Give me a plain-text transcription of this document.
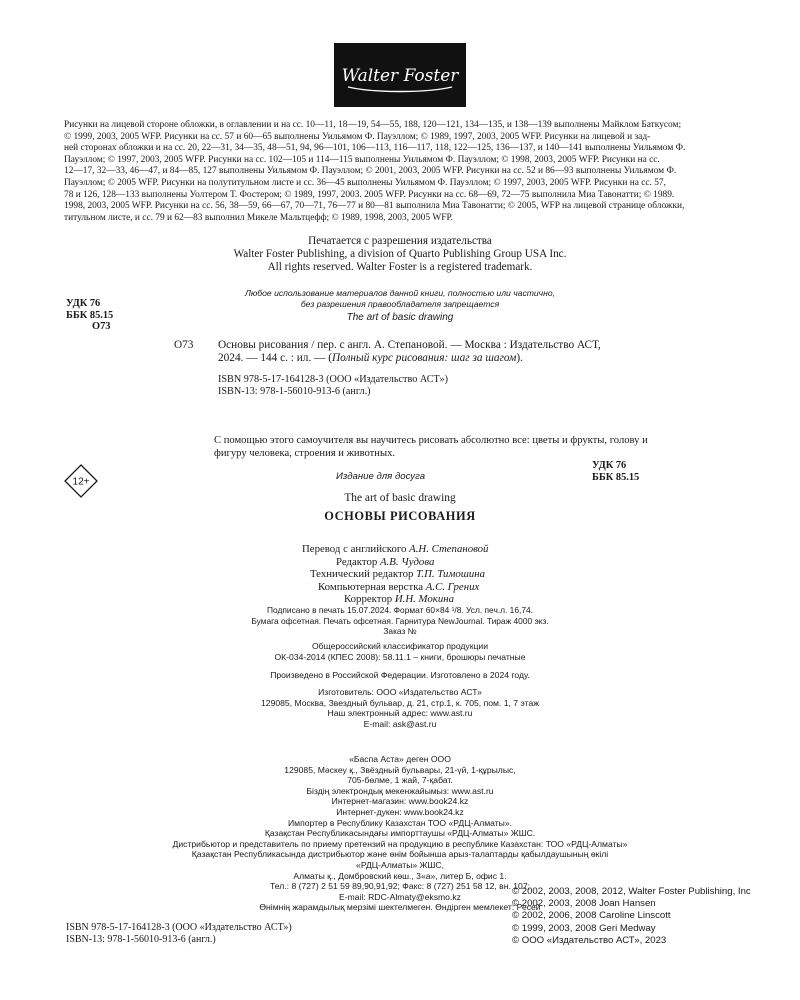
Walter Foster
Рисунки на лицевой стороне обложки, в оглавлении и на сс. 10—11, 18—19, 54—55, 188, 120—121, 134—135, и 138—139 выполнены Майклом Баткусом;
© 1999, 2003, 2005 WFP. Рисунки на сс. 57 и 60—65 выполнены Уильямом Ф. Пауэллом; © 1989, 1997, 2003, 2005 WFP. Рисунки на лицевой и зад-
ней сторонах обложки и на сс. 20, 22—31, 34—35, 48—51, 94, 96—101, 106—113, 116—117, 118, 122—125, 136—137, и 140—141 выполнены Уильямом Ф.
Пауэллом; © 1997, 2003, 2005 WFP. Рисунки на сс. 102—105 и 114—115 выполнены Уильямом Ф. Пауэллом; © 1998, 2003, 2005 WFP. Рисунки на сс.
12—17, 32—33, 46—47, и 84—85, 127 выполнены Уильямом Ф. Пауэллом; © 2001, 2003, 2005 WFP. Рисунки на сс. 52 и 86—93 выполнены Уильямом Ф.
Пауэллом; © 2005 WFP. Рисунки на полутитульном листе и сс. 36—45 выполнены Уильямом Ф. Пауэллом; © 1997, 2003, 2005 WFP. Рисунки на сс. 57,
78 и 126, 128—133 выполнены Уолтером Т. Фостером; © 1989, 1997, 2003. 2005 WFP. Рисунки на сс. 68—69, 72—75 выполнила Миа Тавонатти; © 1989.
1998, 2003, 2005 WFP. Рисунки на сс. 56, 38—59, 66—67, 70—71, 76—77 и 80—81 выполнила Миа Тавонатти; © 2005, WFP на лицевой странице обложки,
титульном листе, и сс. 79 и 62—83 выполнил Микеле Мальтцефф; © 1989, 1998, 2003, 2005 WFP.
Печатается с разрешения издательства
Walter Foster Publishing, a division of Quarto Publishing Group USA Inc.
All rights reserved. Walter Foster is a registered trademark.
Любое использование материалов данной книги, полностью или частично,
без разрешения правообладателя запрещается
The art of basic drawing
УДК 76
ББК 85.15
О73
О73 Основы рисования / пер. с англ. А. Степановой. — Москва : Издательство АСТ, 2024. — 144 с. : ил. — (Полный курс рисования: шаг за шагом).
ISBN 978-5-17-164128-3 (ООО «Издательство АСТ»)
ISBN-13: 978-1-56010-913-6 (англ.)
С помощью этого самоучителя вы научитесь рисовать абсолютно все: цветы и фрукты, голову и фигуру человека, строения и животных.
УДК 76
ББК 85.15
Издание для досуга
12+
The art of basic drawing
ОСНОВЫ РИСОВАНИЯ
Перевод с английского А.Н. Степановой
Редактор А.В. Чудова
Технический редактор Т.П. Тимошина
Компьютерная верстка А.С. Грених
Корректор И.Н. Мокина
Подписано в печать 15.07.2024. Формат 60×84 ¹/8. Усл. печ.л. 16,74.
Бумага офсетная. Печать офсетная. Гарнитура NewJournal. Тираж 4000 экз.
Заказ №
Общероссийский классификатор продукции
ОК-034-2014 (КПЕС 2008): 58.11.1 – книги, брошюры печатные
Произведено в Российской Федерации. Изготовлено в 2024 году.
Изготовитель: ООО «Издательство АСТ»
129085, Москва, Звездный бульвар, д. 21, стр.1, к. 705, пом. 1, 7 этаж
Наш электронный адрес: www.ast.ru
E-mail: ask@ast.ru
«Баспа Аста» деген ООО
129085, Мәскеу қ., Звёздный бульвары, 21-үй, 1-құрылыс,
705-бөлме, 1 жай, 7-қабат.
Біздің электрондық мекенжайымыз: www.ast.ru
Интернет-магазин: www.book24.kz
Интернет-дукен: www.book24.kz
Импортер в Республику Казахстан ТОО «РДЦ-Алматы».
Қазақстан Республикасындағы импорттаушы «РДЦ-Алматы» ЖШС.
Дистрибьютор и представитель по приему претензий на продукцию в республике Казахстан: ТОО «РДЦ-Алматы»
Қазақстан Республикасында дистрибьютор және өнім бойынша арыз-талаптарды қабылдаушының өкілі
«РДЦ-Алматы» ЖШС,
Алматы қ., Домбровский көш., 3«а», литер Б, офис 1.
Тел.: 8 (727) 2 51 59 89,90,91,92; Факс: 8 (727) 251 58 12, вн. 107;
E-mail: RDC-Almaty@eksmo.kz
Өнімнің жарамдылық мерзімі шектелмеген. Өндірген мемлекет: Ресей
© 2002, 2003, 2008, 2012, Walter Foster Publishing, Inc
© 2002, 2003, 2008 Joan Hansen
© 2002, 2006, 2008 Caroline Linscott
© 1999, 2003, 2008 Geri Medway
© ООО «Издательство АСТ», 2023
ISBN 978-5-17-164128-3 (ООО «Издательство АСТ»)
ISBN-13: 978-1-56010-913-6 (англ.)
